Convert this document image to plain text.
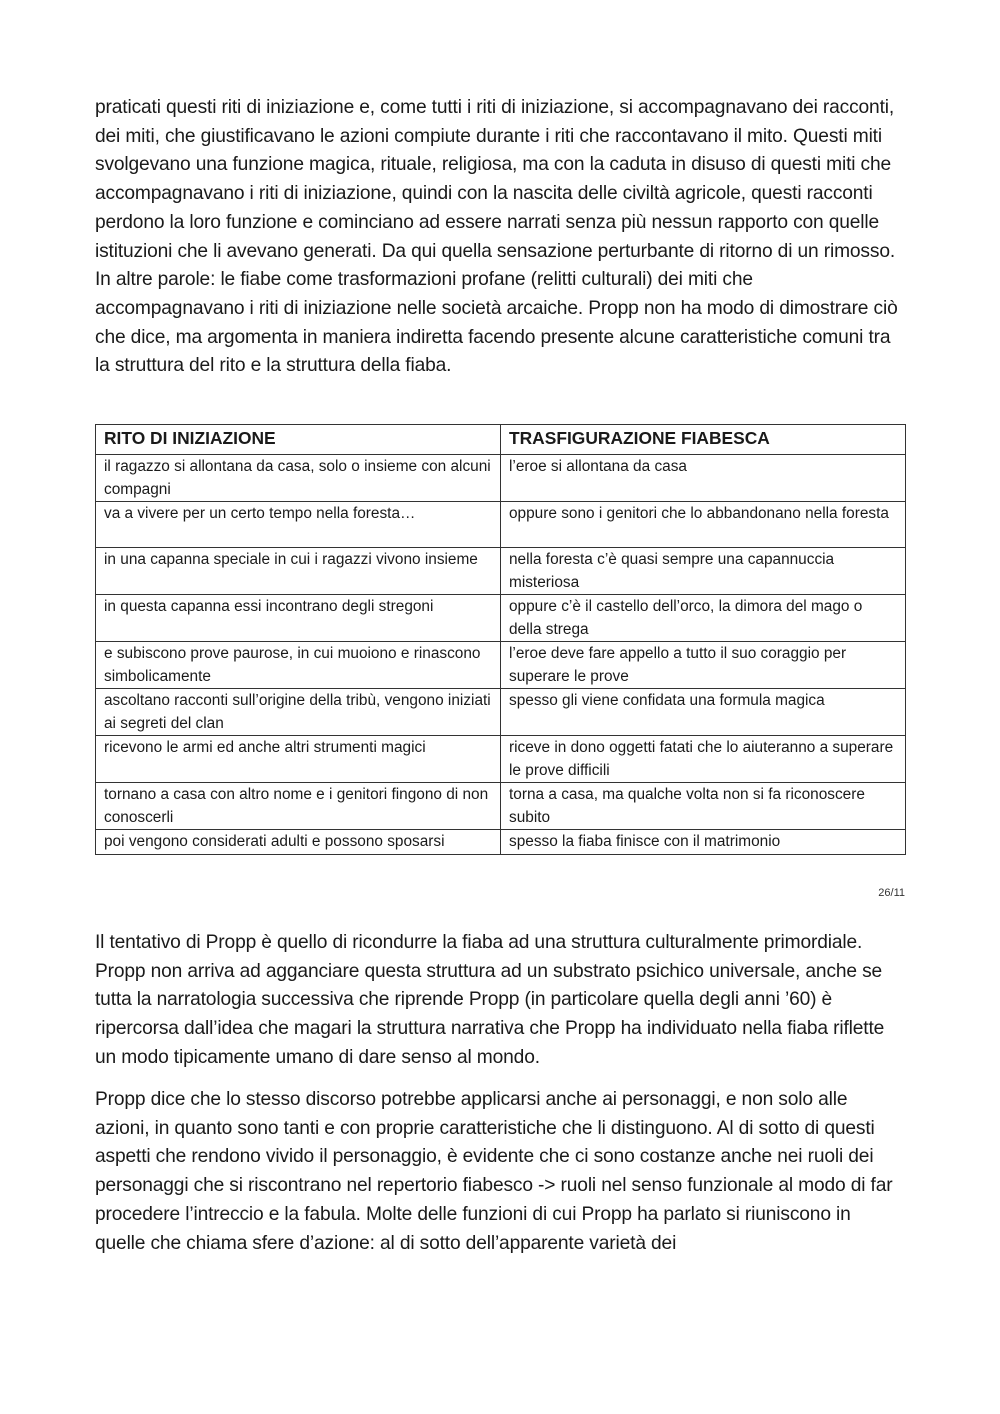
praticati questi riti di iniziazione e, come tutti i riti di iniziazione, si accompagnavano dei racconti, dei miti, che giustificavano le azioni compiute durante i riti che raccontavano il mito. Questi miti svolgevano una funzione magica, rituale, religiosa, ma con la caduta in disuso di questi miti che accompagnavano i riti di iniziazione, quindi con la nascita delle civiltà agricole, questi racconti perdono la loro funzione e cominciano ad essere narrati senza più nessun rapporto con quelle istituzioni che li avevano generati. Da qui quella sensazione perturbante di ritorno di un rimosso. In altre parole: le fiabe come trasformazioni profane (relitti culturali) dei miti che accompagnavano i riti di iniziazione nelle società arcaiche. Propp non ha modo di dimostrare ciò che dice, ma argomenta in maniera indiretta facendo presente alcune caratteristiche comuni tra la struttura del rito e la struttura della fiaba.

RITO DI INIZIAZIONE	TRASFIGURAZIONE FIABESCA
il ragazzo si allontana da casa, solo o insieme con alcuni compagni	l’eroe si allontana da casa
va a vivere per un certo tempo nella foresta…	oppure sono i genitori che lo abbandonano nella foresta
in una capanna speciale in cui i ragazzi vivono insieme	nella foresta c’è quasi sempre una capannuccia misteriosa
in questa capanna essi incontrano degli stregoni	oppure c’è il castello dell’orco, la dimora del mago o della strega
e subiscono prove paurose, in cui muoiono e rinascono simbolicamente	l’eroe deve fare appello a tutto il suo coraggio per superare le prove
ascoltano racconti sull’origine della tribù, vengono iniziati ai segreti del clan	spesso gli viene confidata una formula magica
ricevono le armi ed anche altri strumenti magici	riceve in dono oggetti fatati che lo aiuteranno a superare le prove difficili
tornano a casa con altro nome e i genitori fingono di non conoscerli	torna a casa, ma qualche volta non si fa riconoscere subito
poi vengono considerati adulti e possono sposarsi	spesso la fiaba finisce con il matrimonio
26/11

Il tentativo di Propp è quello di ricondurre la fiaba ad una struttura culturalmente primordiale. Propp non arriva ad agganciare questa struttura ad un substrato psichico universale, anche se tutta la narratologia successiva che riprende Propp (in particolare quella degli anni ’60) è ripercorsa dall’idea che magari la struttura narrativa che Propp ha individuato nella fiaba riflette un modo tipicamente umano di dare senso al mondo.

Propp dice che lo stesso discorso potrebbe applicarsi anche ai personaggi, e non solo alle azioni, in quanto sono tanti e con proprie caratteristiche che li distinguono. Al di sotto di questi aspetti che rendono vivido il personaggio, è evidente che ci sono costanze anche nei ruoli dei personaggi che si riscontrano nel repertorio fiabesco -> ruoli nel senso funzionale al modo di far procedere l’intreccio e la fabula. Molte delle funzioni di cui Propp ha parlato si riuniscono in quelle che chiama sfere d’azione: al di sotto dell’apparente varietà dei
